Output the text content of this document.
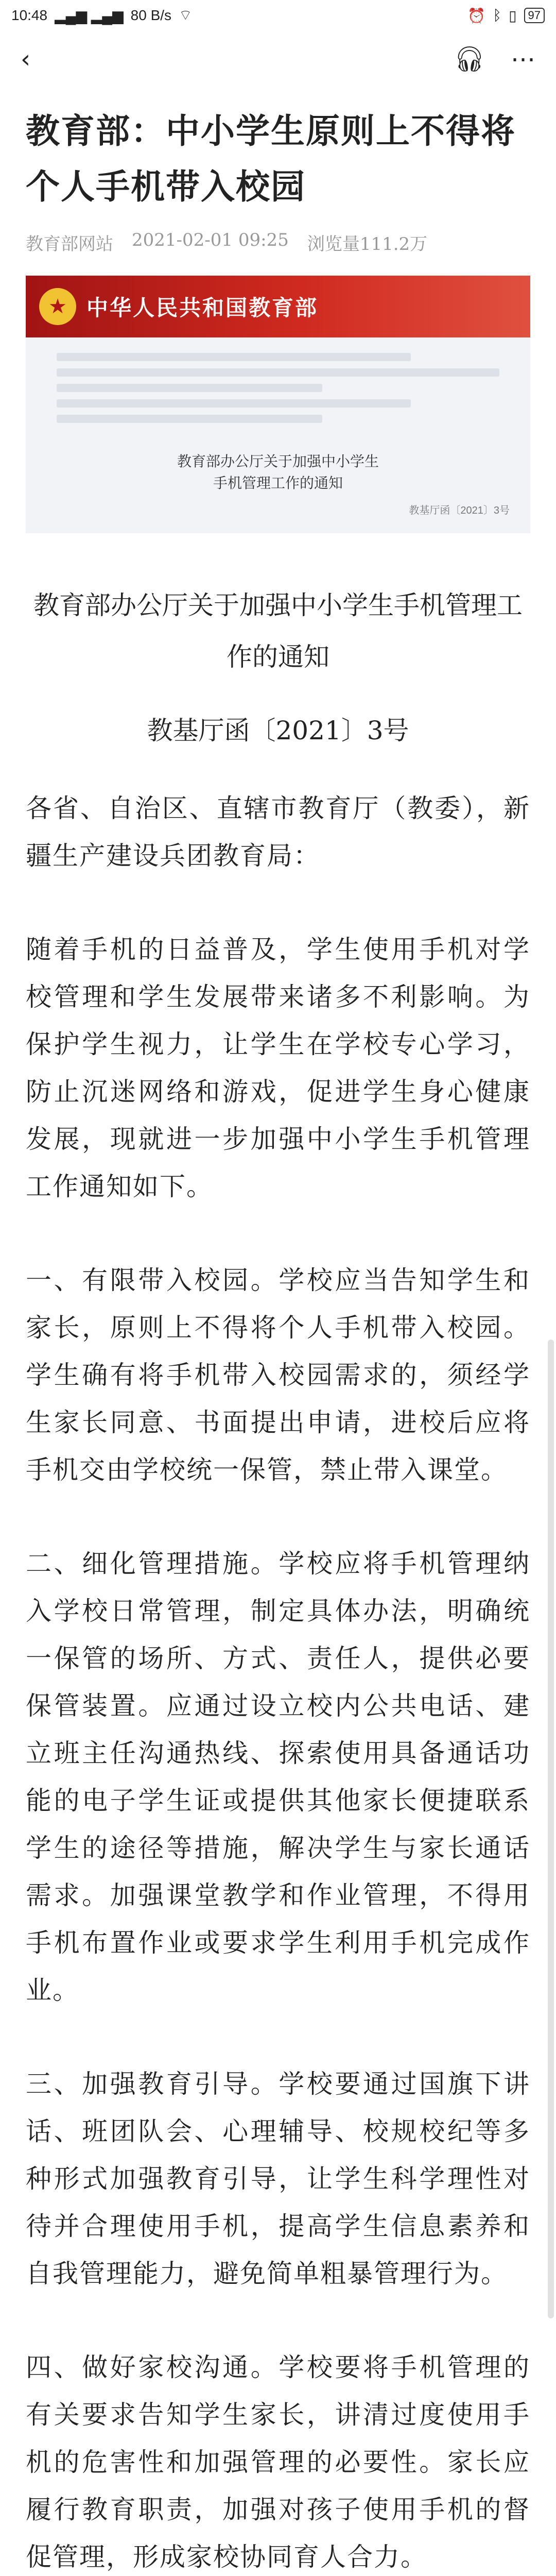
10:48 ▂▄▆ ▂▄▆ 80 B/s ⌔	⏰ ᛒ ▯	97
‹	🎧︎ ⋯
教育部：中小学生原则上不得将个人手机带入校园
教育部网站 2021-02-01 09:25 浏览量111.2万
★ 中华人民共和国教育部
教育部办公厅关于加强中小学生
手机管理工作的通知
教基厅函〔2021〕3号
教育部办公厅关于加强中小学生手机管理工作的通知
教基厅函〔2021〕3号

各省、自治区、直辖市教育厅（教委），新疆生产建设兵团教育局：

随着手机的日益普及，学生使用手机对学校管理和学生发展带来诸多不利影响。为保护学生视力，让学生在学校专心学习，防止沉迷网络和游戏，促进学生身心健康发展，现就进一步加强中小学生手机管理工作通知如下。

一、有限带入校园。学校应当告知学生和家长，原则上不得将个人手机带入校园。学生确有将手机带入校园需求的，须经学生家长同意、书面提出申请，进校后应将手机交由学校统一保管，禁止带入课堂。

二、细化管理措施。学校应将手机管理纳入学校日常管理，制定具体办法，明确统一保管的场所、方式、责任人，提供必要保管装置。应通过设立校内公共电话、建立班主任沟通热线、探索使用具备通话功能的电子学生证或提供其他家长便捷联系学生的途径等措施，解决学生与家长通话需求。加强课堂教学和作业管理，不得用手机布置作业或要求学生利用手机完成作业。

三、加强教育引导。学校要通过国旗下讲话、班团队会、心理辅导、校规校纪等多种形式加强教育引导，让学生科学理性对待并合理使用手机，提高学生信息素养和自我管理能力，避免简单粗暴管理行为。

四、做好家校沟通。学校要将手机管理的有关要求告知学生家长，讲清过度使用手机的危害性和加强管理的必要性。家长应履行教育职责，加强对孩子使用手机的督促管理，形成家校协同育人合力。
